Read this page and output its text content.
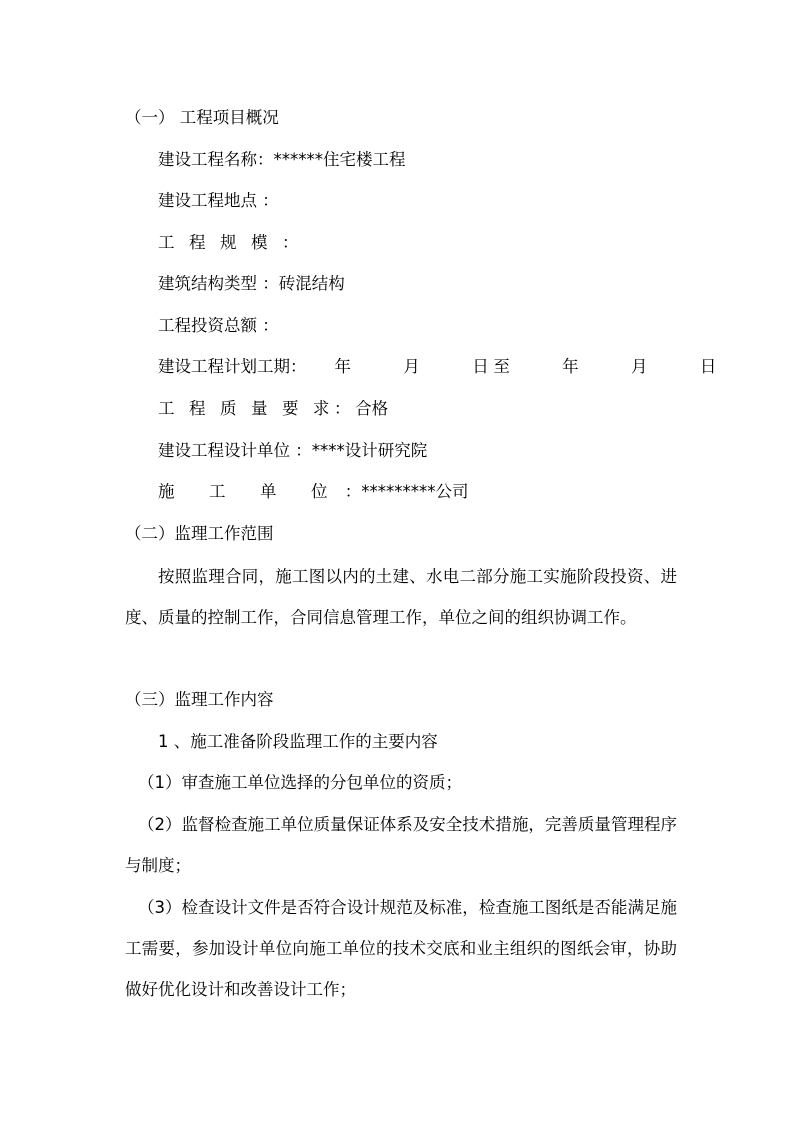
（一） 工程项目概况
建设工程名称：******住宅楼工程
建设工程地点 ：
工 程 规 模 ：
建筑结构类型 ：砖混结构
工程投资总额 ：
建设工程计划工期： 年  月  日至  年  月  日
工 程 质 量 要 求：合格
建设工程设计单位 ：****设计研究院
施  工  单  位 ：*********公司
（二）监理工作范围
按照监理合同，施工图以内的土建、水电二部分施工实施阶段投资、进度、质量的控制工作，合同信息管理工作，单位之间的组织协调工作。
（三）监理工作内容
1 、施工准备阶段监理工作的主要内容
（1）审查施工单位选择的分包单位的资质；
（2）监督检查施工单位质量保证体系及安全技术措施，完善质量管理程序与制度；
（3）检查设计文件是否符合设计规范及标准，检查施工图纸是否能满足施工需要，参加设计单位向施工单位的技术交底和业主组织的图纸会审，协助做好优化设计和改善设计工作；
